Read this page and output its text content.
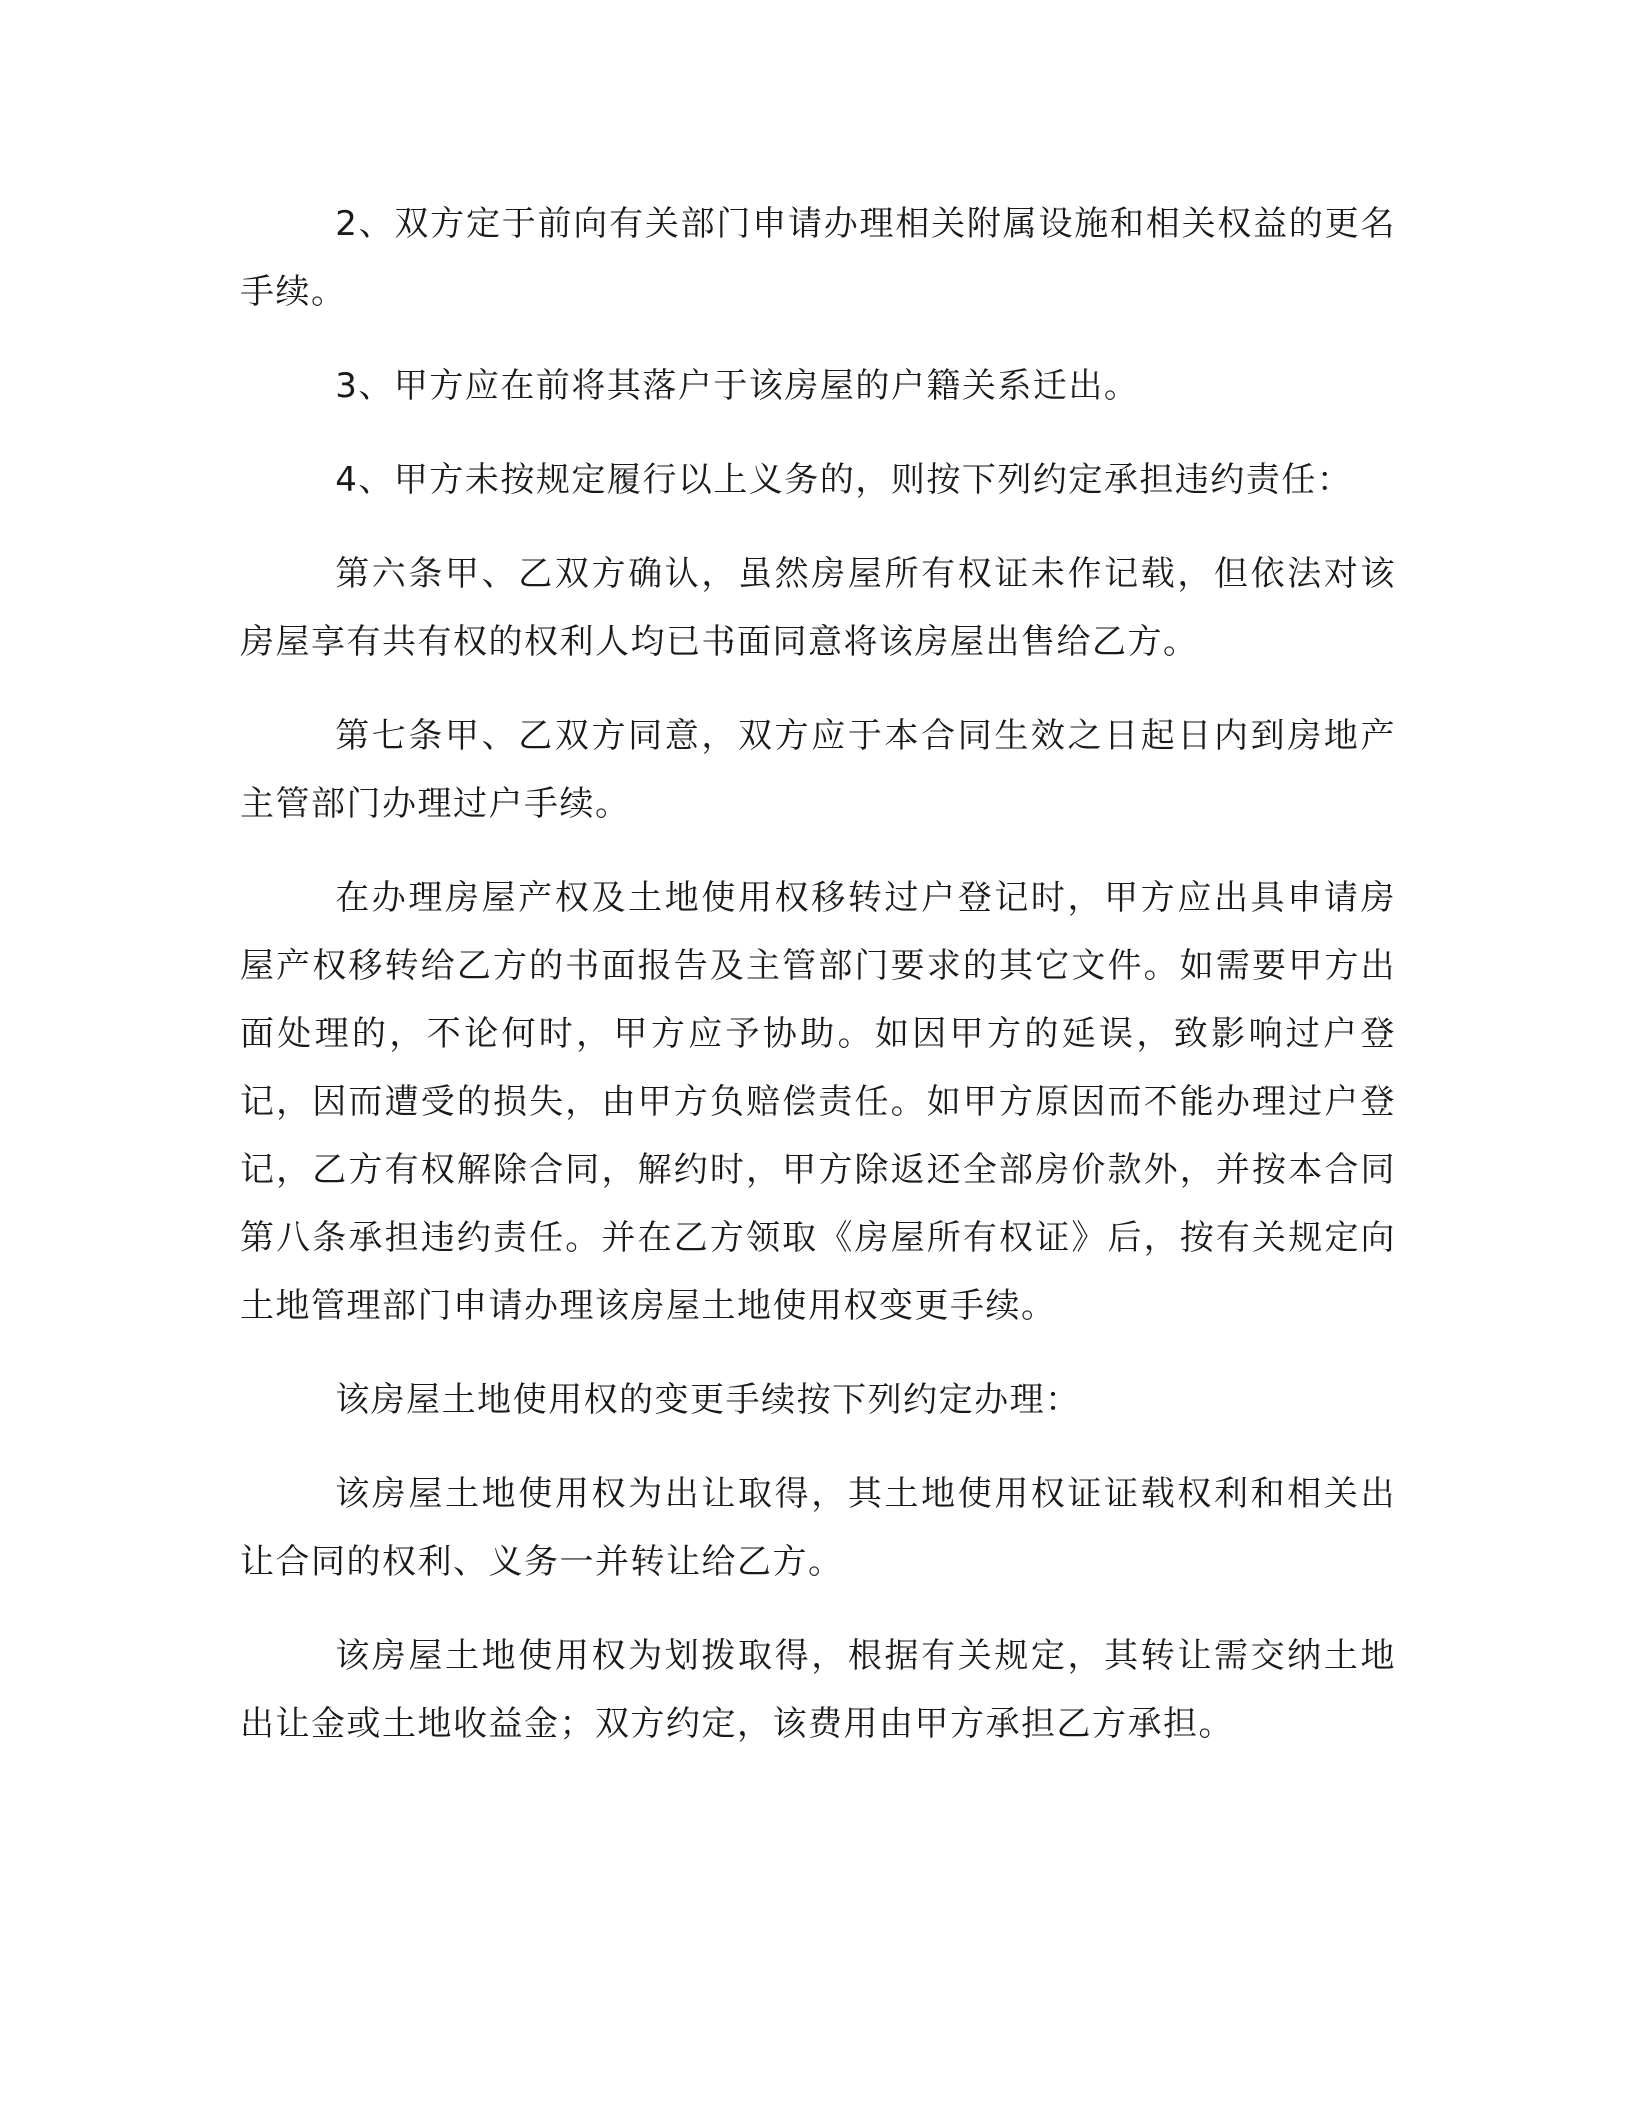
2、双方定于前向有关部门申请办理相关附属设施和相关权益的更名手续。

3、甲方应在前将其落户于该房屋的户籍关系迁出。

4、甲方未按规定履行以上义务的，则按下列约定承担违约责任：

第六条甲、乙双方确认，虽然房屋所有权证未作记载，但依法对该房屋享有共有权的权利人均已书面同意将该房屋出售给乙方。

第七条甲、乙双方同意，双方应于本合同生效之日起日内到房地产主管部门办理过户手续。

在办理房屋产权及土地使用权移转过户登记时，甲方应出具申请房屋产权移转给乙方的书面报告及主管部门要求的其它文件。如需要甲方出面处理的，不论何时，甲方应予协助。如因甲方的延误，致影响过户登记，因而遭受的损失，由甲方负赔偿责任。如甲方原因而不能办理过户登记，乙方有权解除合同，解约时，甲方除返还全部房价款外，并按本合同第八条承担违约责任。并在乙方领取《房屋所有权证》后，按有关规定向土地管理部门申请办理该房屋土地使用权变更手续。

该房屋土地使用权的变更手续按下列约定办理：

该房屋土地使用权为出让取得，其土地使用权证证载权利和相关出让合同的权利、义务一并转让给乙方。

该房屋土地使用权为划拨取得，根据有关规定，其转让需交纳土地出让金或土地收益金；双方约定，该费用由甲方承担乙方承担。
